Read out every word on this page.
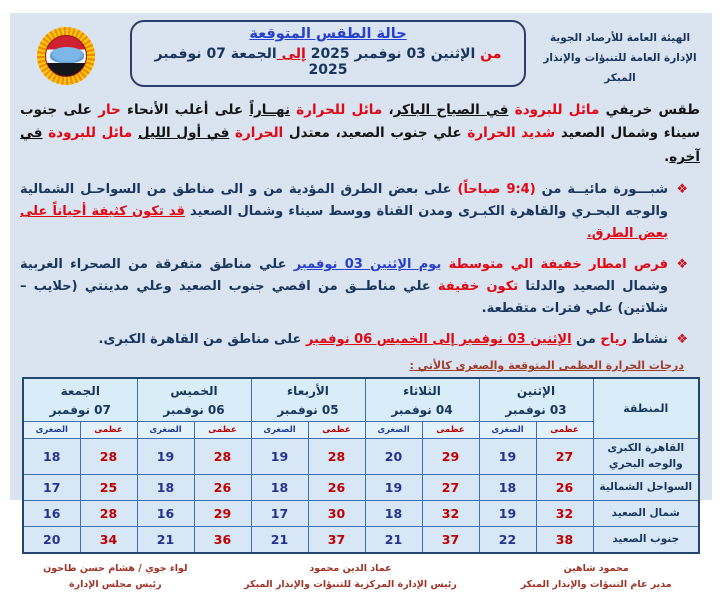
الهيئة العامة للأرصاد الجوية
الإدارة العامة للتنبؤات والإنذار المبكر
حالة الطقس المتوقعة
من الإثنين 03 نوفمبر 2025 إلى الجمعة 07 نوفمبر 2025
طقس خريفي مائل للبرودة في الصباح الباكر، مائل للحرارة نهــاراً على أغلب الأنحاء حار على جنوب سيناء وشمال الصعيد شديد الحرارة علي جنوب الصعيد، معتدل الحرارة في أول الليل مائل للبرودة في آخره.
❖
شبـــورة مائيــة من (9:4 صباحاً) على بعض الطرق المؤدية من و الى مناطق من السواحـل الشمالية والوجه البحـري والقاهرة الكبـرى ومدن القناة ووسط سيناء وشمال الصعيد قد تكون كثيفة أحياناً على بعض الطرق.
❖
فرص امطار خفيفة الي متوسطة يوم الإثنين 03 نوفمبر علي مناطق متفرقة من الصحراء الغربية وشمال الصعيد والدلتا تكون خفيفة علي مناطــق من اقصي جنوب الصعيد وعلي مدينتي (حلايب – شلاتين) علي فترات متقطعة.
❖
نشاط رياح من الإثنين 03 نوفمبر إلى الخميس 06 نوفمبر على مناطق من القاهرة الكبرى.
درجات الحرارة العظمى المتوقعة والصغرى كالأتي :
المنطقة	
الإثنين
03 نوفمبر

الثلاثاء
04 نوفمبر

الأربعاء
05 نوفمبر

الخميس
06 نوفمبر

الجمعة
07 نوفمبر

	عظمى	الصغرى	عظمى	الصغرى	عظمى	الصغرى	عظمى	الصغرى	عظمى	الصغرى
القاهرة الكبرى والوجه البحري	27	19	29	20	28	19	28	19	28	18
السواحل الشمالية	26	18	27	19	26	18	26	18	25	17
شمال الصعيد	32	19	32	18	30	17	29	16	28	16
جنوب الصعيد	38	22	37	21	37	21	36	21	34	20
محمود شاهين
مدير عام التنبؤات والإنذار المبكر
عماد الدين محمود
رئيس الإدارة المركزية للتنبؤات والإنذار المبكر
لواء جوي / هشام حسن طاحون
رئيس مجلس الإدارة
